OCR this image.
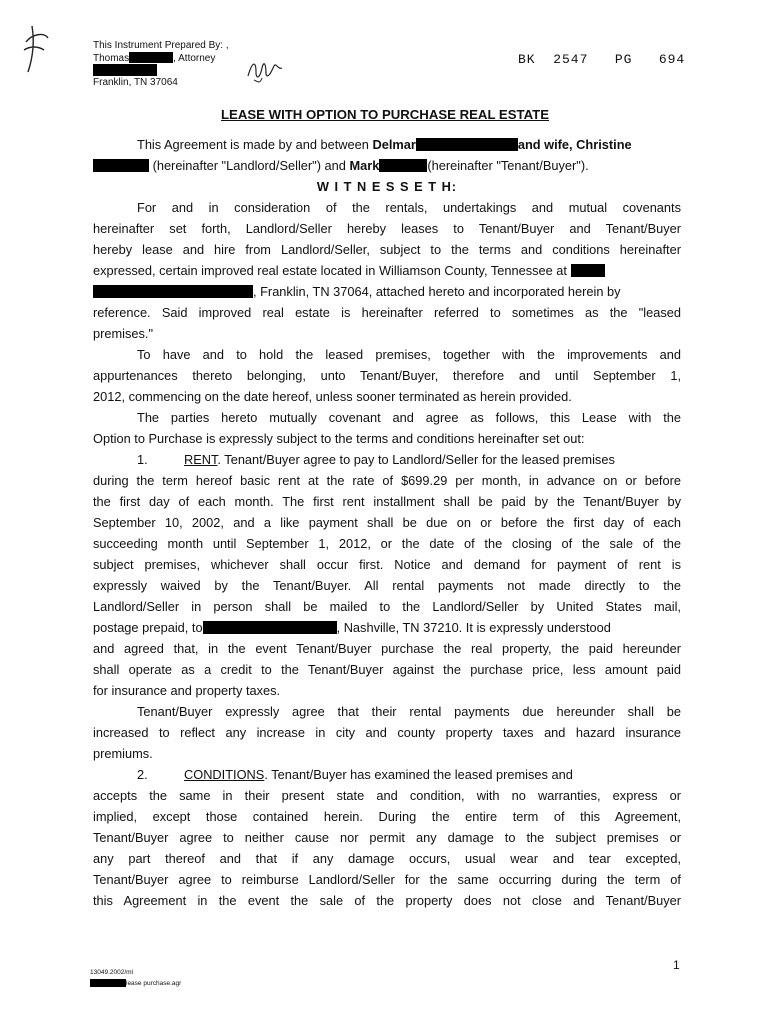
This Instrument Prepared By: ,
Thomas	, Attorney
Franklin, TN 37064
BK  2547   PG   694
LEASE WITH OPTION TO PURCHASE REAL ESTATE
This Agreement is made by and between Delmar	and wife, Christine
(hereinafter "Landlord/Seller") and Mark	(hereinafter "Tenant/Buyer").
W I T N E S S E T H:
For and in consideration of the rentals, undertakings and mutual covenants
hereinafter set forth, Landlord/Seller hereby leases to Tenant/Buyer and Tenant/Buyer
hereby lease and hire from Landlord/Seller, subject to the terms and conditions hereinafter
expressed, certain improved real estate located in Williamson County, Tennessee at
, Franklin, TN 37064, attached hereto and incorporated herein by
reference. Said improved real estate is hereinafter referred to sometimes as the "leased
premises."
To have and to hold the leased premises, together with the improvements and
appurtenances thereto belonging, unto Tenant/Buyer, therefore and until September 1,
2012, commencing on the date hereof, unless sooner terminated as herein provided.
The parties hereto mutually covenant and agree as follows, this Lease with the
Option to Purchase is expressly subject to the terms and conditions hereinafter set out:
1.	RENT. Tenant/Buyer agree to pay to Landlord/Seller for the leased premises
during the term hereof basic rent at the rate of $699.29 per month, in advance on or before
the first day of each month. The first rent installment shall be paid by the Tenant/Buyer by
September 10, 2002, and a like payment shall be due on or before the first day of each
succeeding month until September 1, 2012, or the date of the closing of the sale of the
subject premises, whichever shall occur first. Notice and demand for payment of rent is
expressly waived by the Tenant/Buyer. All rental payments not made directly to the
Landlord/Seller in person shall be mailed to the Landlord/Seller by United States mail,
postage prepaid, to	, Nashville, TN 37210. It is expressly understood
and agreed that, in the event Tenant/Buyer purchase the real property, the paid hereunder
shall operate as a credit to the Tenant/Buyer against the purchase price, less amount paid
for insurance and property taxes.
Tenant/Buyer expressly agree that their rental payments due hereunder shall be
increased to reflect any increase in city and county property taxes and hazard insurance
premiums.
2.	CONDITIONS. Tenant/Buyer has examined the leased premises and
accepts the same in their present state and condition, with no warranties, express or
implied, except those contained herein. During the entire term of this Agreement,
Tenant/Buyer agree to neither cause nor permit any damage to the subject premises or
any part thereof and that if any damage occurs, usual wear and tear excepted,
Tenant/Buyer agree to reimburse Landlord/Seller for the same occurring during the term of
this Agreement in the event the sale of the property does not close and Tenant/Buyer
1
13049.2002/ml
lease purchase.agr
